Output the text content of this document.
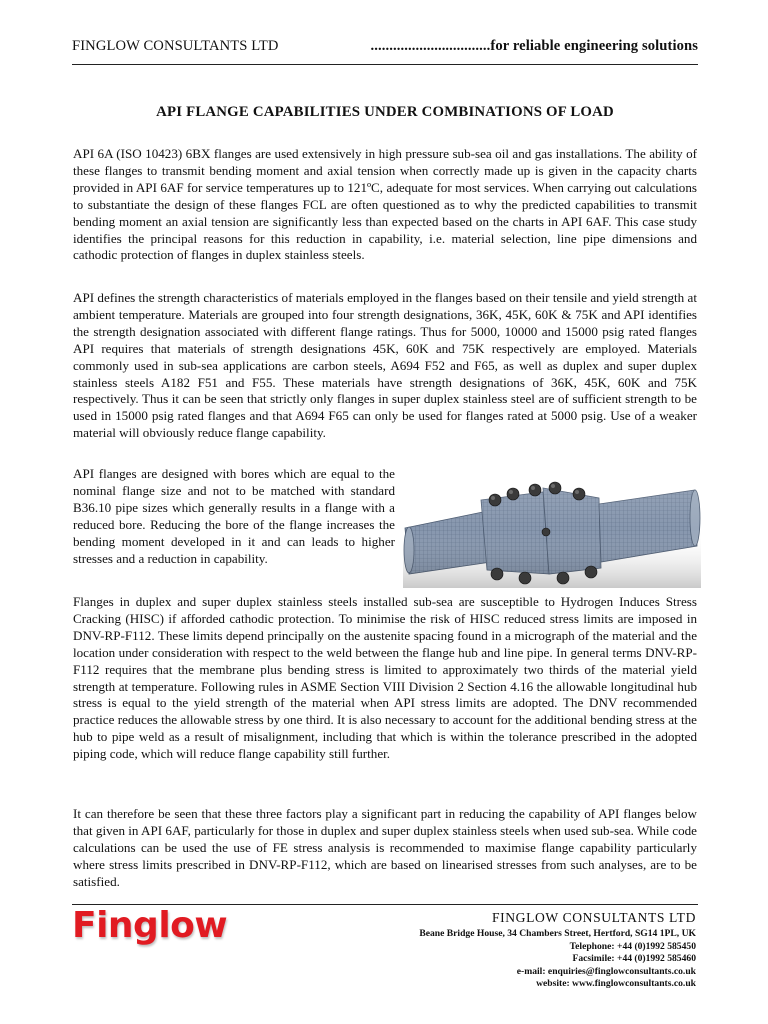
FINGLOW CONSULTANTS LTD	................................for reliable engineering solutions
API FLANGE CAPABILITIES UNDER COMBINATIONS OF LOAD

API 6A (ISO 10423) 6BX flanges are used extensively in high pressure sub-sea oil and gas installations. The ability of these flanges to transmit bending moment and axial tension when correctly made up is given in the capacity charts provided in API 6AF for service temperatures up to 121ºC, adequate for most services. When carrying out calculations to substantiate the design of these flanges FCL are often questioned as to why the predicted capabilities to transmit bending moment an axial tension are significantly less than expected based on the charts in API 6AF. This case study identifies the principal reasons for this reduction in capability, i.e. material selection, line pipe dimensions and cathodic protection of flanges in duplex stainless steels.

API defines the strength characteristics of materials employed in the flanges based on their tensile and yield strength at ambient temperature. Materials are grouped into four strength designations, 36K, 45K, 60K & 75K and API identifies the strength designation associated with different flange ratings. Thus for 5000, 10000 and 15000 psig rated flanges API requires that materials of strength designations 45K, 60K and 75K respectively are employed. Materials commonly used in sub-sea applications are carbon steels, A694 F52 and F65, as well as duplex and super duplex stainless steels A182 F51 and F55. These materials have strength designations of 36K, 45K, 60K and 75K respectively. Thus it can be seen that strictly only flanges in super duplex stainless steel are of sufficient strength to be used in 15000 psig rated flanges and that A694 F65 can only be used for flanges rated at 5000 psig. Use of a weaker material will obviously reduce flange capability.

API flanges are designed with bores which are equal to the nominal flange size and not to be matched with standard B36.10 pipe sizes which generally results in a flange with a reduced bore. Reducing the bore of the flange increases the bending moment developed in it and can leads to higher stresses and a reduction in capability.

Flanges in duplex and super duplex stainless steels installed sub-sea are susceptible to Hydrogen Induces Stress Cracking (HISC) if afforded cathodic protection. To minimise the risk of HISC reduced stress limits are imposed in DNV-RP-F112. These limits depend principally on the austenite spacing found in a micrograph of the material and the location under consideration with respect to the weld between the flange hub and line pipe. In general terms DNV-RP-F112 requires that the membrane plus bending stress is limited to approximately two thirds of the material yield strength at temperature. Following rules in ASME Section VIII Division 2 Section 4.16 the allowable longitudinal hub stress is equal to the yield strength of the material when API stress limits are adopted. The DNV recommended practice reduces the allowable stress by one third. It is also necessary to account for the additional bending stress at the hub to pipe weld as a result of misalignment, including that which is within the tolerance prescribed in the adopted piping code, which will reduce flange capability still further.

It can therefore be seen that these three factors play a significant part in reducing the capability of API flanges below that given in API 6AF, particularly for those in duplex and super duplex stainless steels when used sub-sea. While code calculations can be used the use of FE stress analysis is recommended to maximise flange capability particularly where stress limits prescribed in DNV-RP-F112, which are based on linearised stresses from such analyses, are to be satisfied.

Finglow	FINGLOW CONSULTANTS LTD
Beane Bridge House, 34 Chambers Street, Hertford, SG14 1PL, UK
Telephone: +44 (0)1992 585450
Facsimile: +44 (0)1992 585460
e-mail: enquiries@finglowconsultants.co.uk
website: www.finglowconsultants.co.uk
